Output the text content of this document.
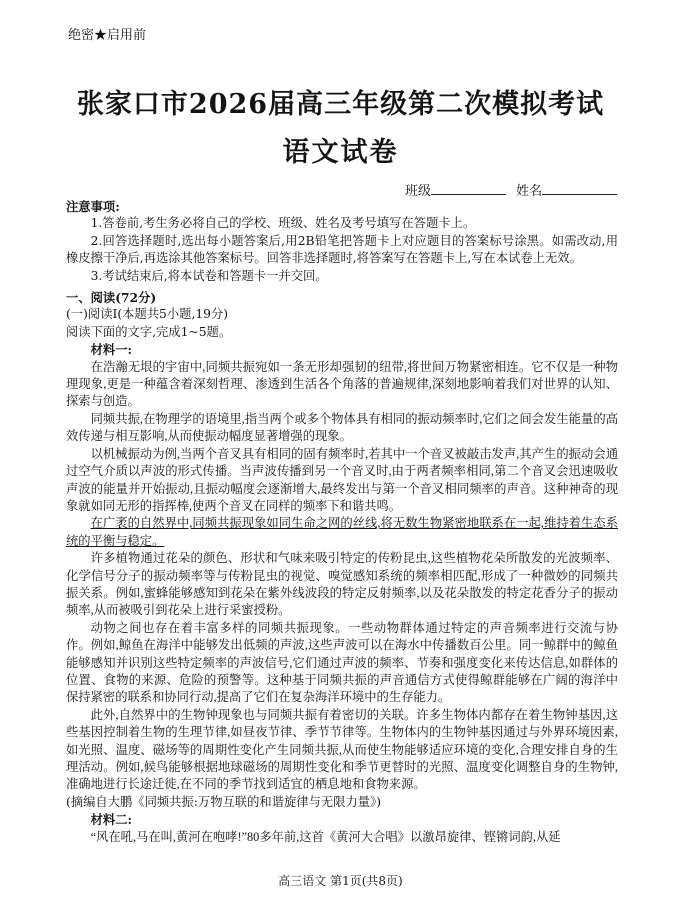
绝密★启用前
张家口市2026届高三年级第二次模拟考试
语文试卷
班级	姓名

注意事项:

1.答卷前,考生务必将自己的学校、班级、姓名及考号填写在答题卡上。

2.回答选择题时,选出每小题答案后,用2B铅笔把答题卡上对应题目的答案标号涂黑。如需改动,用橡皮擦干净后,再选涂其他答案标号。回答非选择题时,将答案写在答题卡上,写在本试卷上无效。

3.考试结束后,将本试卷和答题卡一并交回。

一、阅读(72分)

(一)阅读Ⅰ(本题共5小题,19分)

阅读下面的文字,完成1~5题。

材料一:

在浩瀚无垠的宇宙中,同频共振宛如一条无形却强韧的纽带,将世间万物紧密相连。它不仅是一种物理现象,更是一种蕴含着深刻哲理、渗透到生活各个角落的普遍规律,深刻地影响着我们对世界的认知、探索与创造。

同频共振,在物理学的语境里,指当两个或多个物体具有相同的振动频率时,它们之间会发生能量的高效传递与相互影响,从而使振动幅度显著增强的现象。

以机械振动为例,当两个音叉具有相同的固有频率时,若其中一个音叉被敲击发声,其产生的振动会通过空气介质以声波的形式传播。当声波传播到另一个音叉时,由于两者频率相同,第二个音叉会迅速吸收声波的能量并开始振动,且振动幅度会逐渐增大,最终发出与第一个音叉相同频率的声音。这种神奇的现象就如同无形的指挥棒,使两个音叉在同样的频率下和谐共鸣。

在广袤的自然界中,同频共振现象如同生命之网的丝线,将无数生物紧密地联系在一起,维持着生态系统的平衡与稳定。

许多植物通过花朵的颜色、形状和气味来吸引特定的传粉昆虫,这些植物花朵所散发的光波频率、化学信号分子的振动频率等与传粉昆虫的视觉、嗅觉感知系统的频率相匹配,形成了一种微妙的同频共振关系。例如,蜜蜂能够感知到花朵在紫外线波段的特定反射频率,以及花朵散发的特定花香分子的振动频率,从而被吸引到花朵上进行采蜜授粉。

动物之间也存在着丰富多样的同频共振现象。一些动物群体通过特定的声音频率进行交流与协作。例如,鲸鱼在海洋中能够发出低频的声波,这些声波可以在海水中传播数百公里。同一鲸群中的鲸鱼能够感知并识别这些特定频率的声波信号,它们通过声波的频率、节奏和强度变化来传达信息,如群体的位置、食物的来源、危险的预警等。这种基于同频共振的声音通信方式使得鲸群能够在广阔的海洋中保持紧密的联系和协同行动,提高了它们在复杂海洋环境中的生存能力。

此外,自然界中的生物钟现象也与同频共振有着密切的关联。许多生物体内都存在着生物钟基因,这些基因控制着生物的生理节律,如昼夜节律、季节节律等。生物体内的生物钟基因通过与外界环境因素,如光照、温度、磁场等的周期性变化产生同频共振,从而使生物能够适应环境的变化,合理安排自身的生理活动。例如,候鸟能够根据地球磁场的周期性变化和季节更替时的光照、温度变化调整自身的生物钟,准确地进行长途迁徙,在不同的季节找到适宜的栖息地和食物来源。

(摘编自大鹏《同频共振:万物互联的和谐旋律与无限力量》)

材料二:

“风在吼,马在叫,黄河在咆哮!”80多年前,这首《黄河大合唱》以激昂旋律、铿锵词韵,从延

高三语文 第1页(共8页)
